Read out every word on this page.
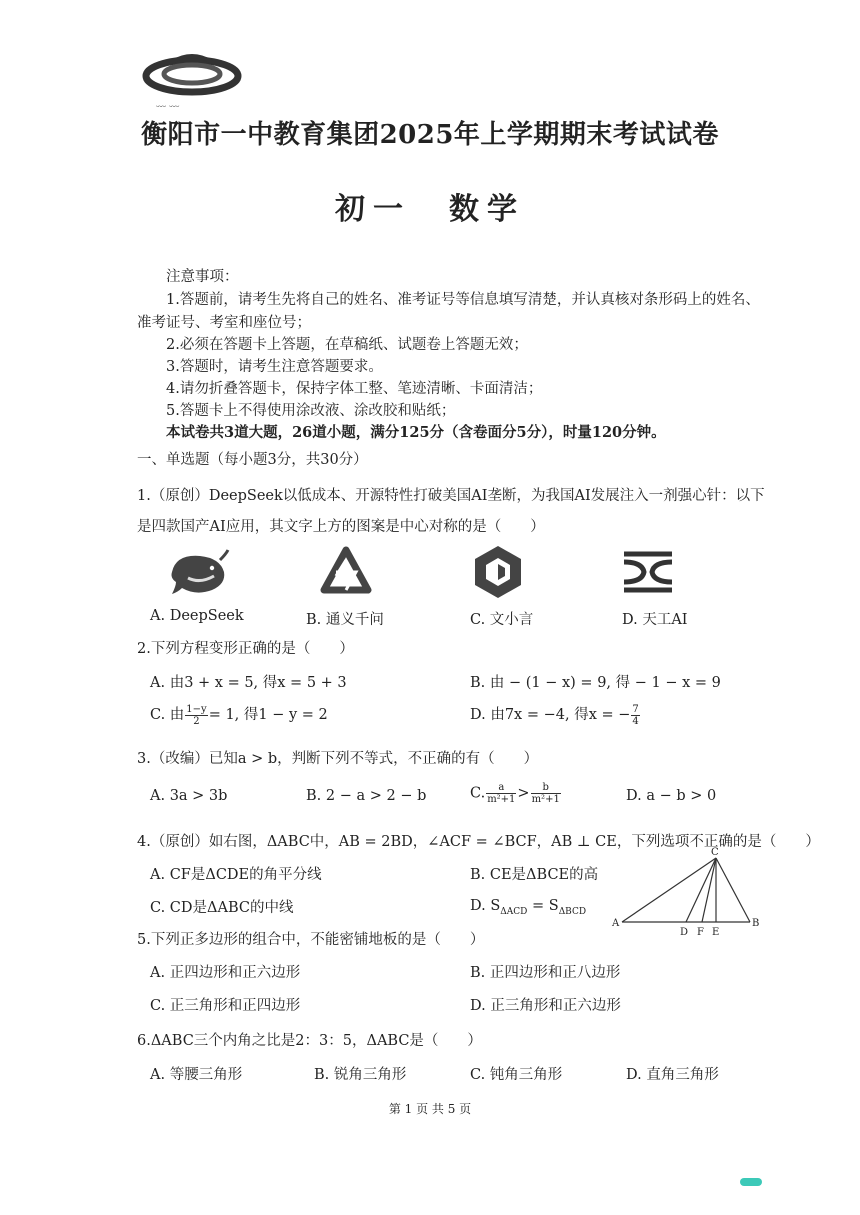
﹏ ﹏
衡阳市一中教育集团2025年上学期期末考试试卷
初一　数学
注意事项：
1.答题前，请考生先将自己的姓名、准考证号等信息填写清楚，并认真核对条形码上的姓名、
准考证号、考室和座位号；
2.必须在答题卡上答题，在草稿纸、试题卷上答题无效；
3.答题时，请考生注意答题要求。
4.请勿折叠答题卡，保持字体工整、笔迹清晰、卡面清洁；
5.答题卡上不得使用涂改液、涂改胶和贴纸；
本试卷共3道大题，26道小题，满分125分（含卷面分5分），时量120分钟。
一、单选题（每小题3分，共30分）
1.（原创）DeepSeek以低成本、开源特性打破美国AI垄断，为我国AI发展注入一剂强心针：以下
是四款国产AI应用，其文字上方的图案是中心对称的是（　　）
A. DeepSeek	B. 通义千问	C. 文小言	D. 天工AI
2.下列方程变形正确的是（　　）
A. 由3 + x = 5, 得x = 5 + 3	B. 由 − (1 − x) = 9, 得 − 1 − x = 9
C. 由 $\frac{1-y}{2} = 1$, 得1 − y = 2	D. 由7x = −4, 得x = − $\frac{7}{4}$
3.（改编）已知a > b，判断下列不等式，不正确的有（　　）
A. 3a > 3b	B. 2 − a > 2 − b	C. $\frac{a}{\text{m²+1}} > \frac{b}{\text{m²+1}}$	D. a − b > 0
4.（原创）如右图，ΔABC中，AB = 2BD，∠ACF = ∠BCF，AB ⊥ CE，下列选项不正确的是（　　）
A. CF是ΔCDE的角平分线	B. CE是ΔBCE的高
C. CD是ΔABC的中线	D. $S_{\Delta ACD} = S_{\Delta BCD}$
C
A	B
D F E
5.下列正多边形的组合中，不能密铺地板的是（　　）
A. 正四边形和正六边形	B. 正四边形和正八边形
C. 正三角形和正四边形	D. 正三角形和正六边形
6.ΔABC三个内角之比是2：3：5，ΔABC是（　　）
A. 等腰三角形	B. 锐角三角形	C. 钝角三角形	D. 直角三角形
第 1 页 共 5 页
